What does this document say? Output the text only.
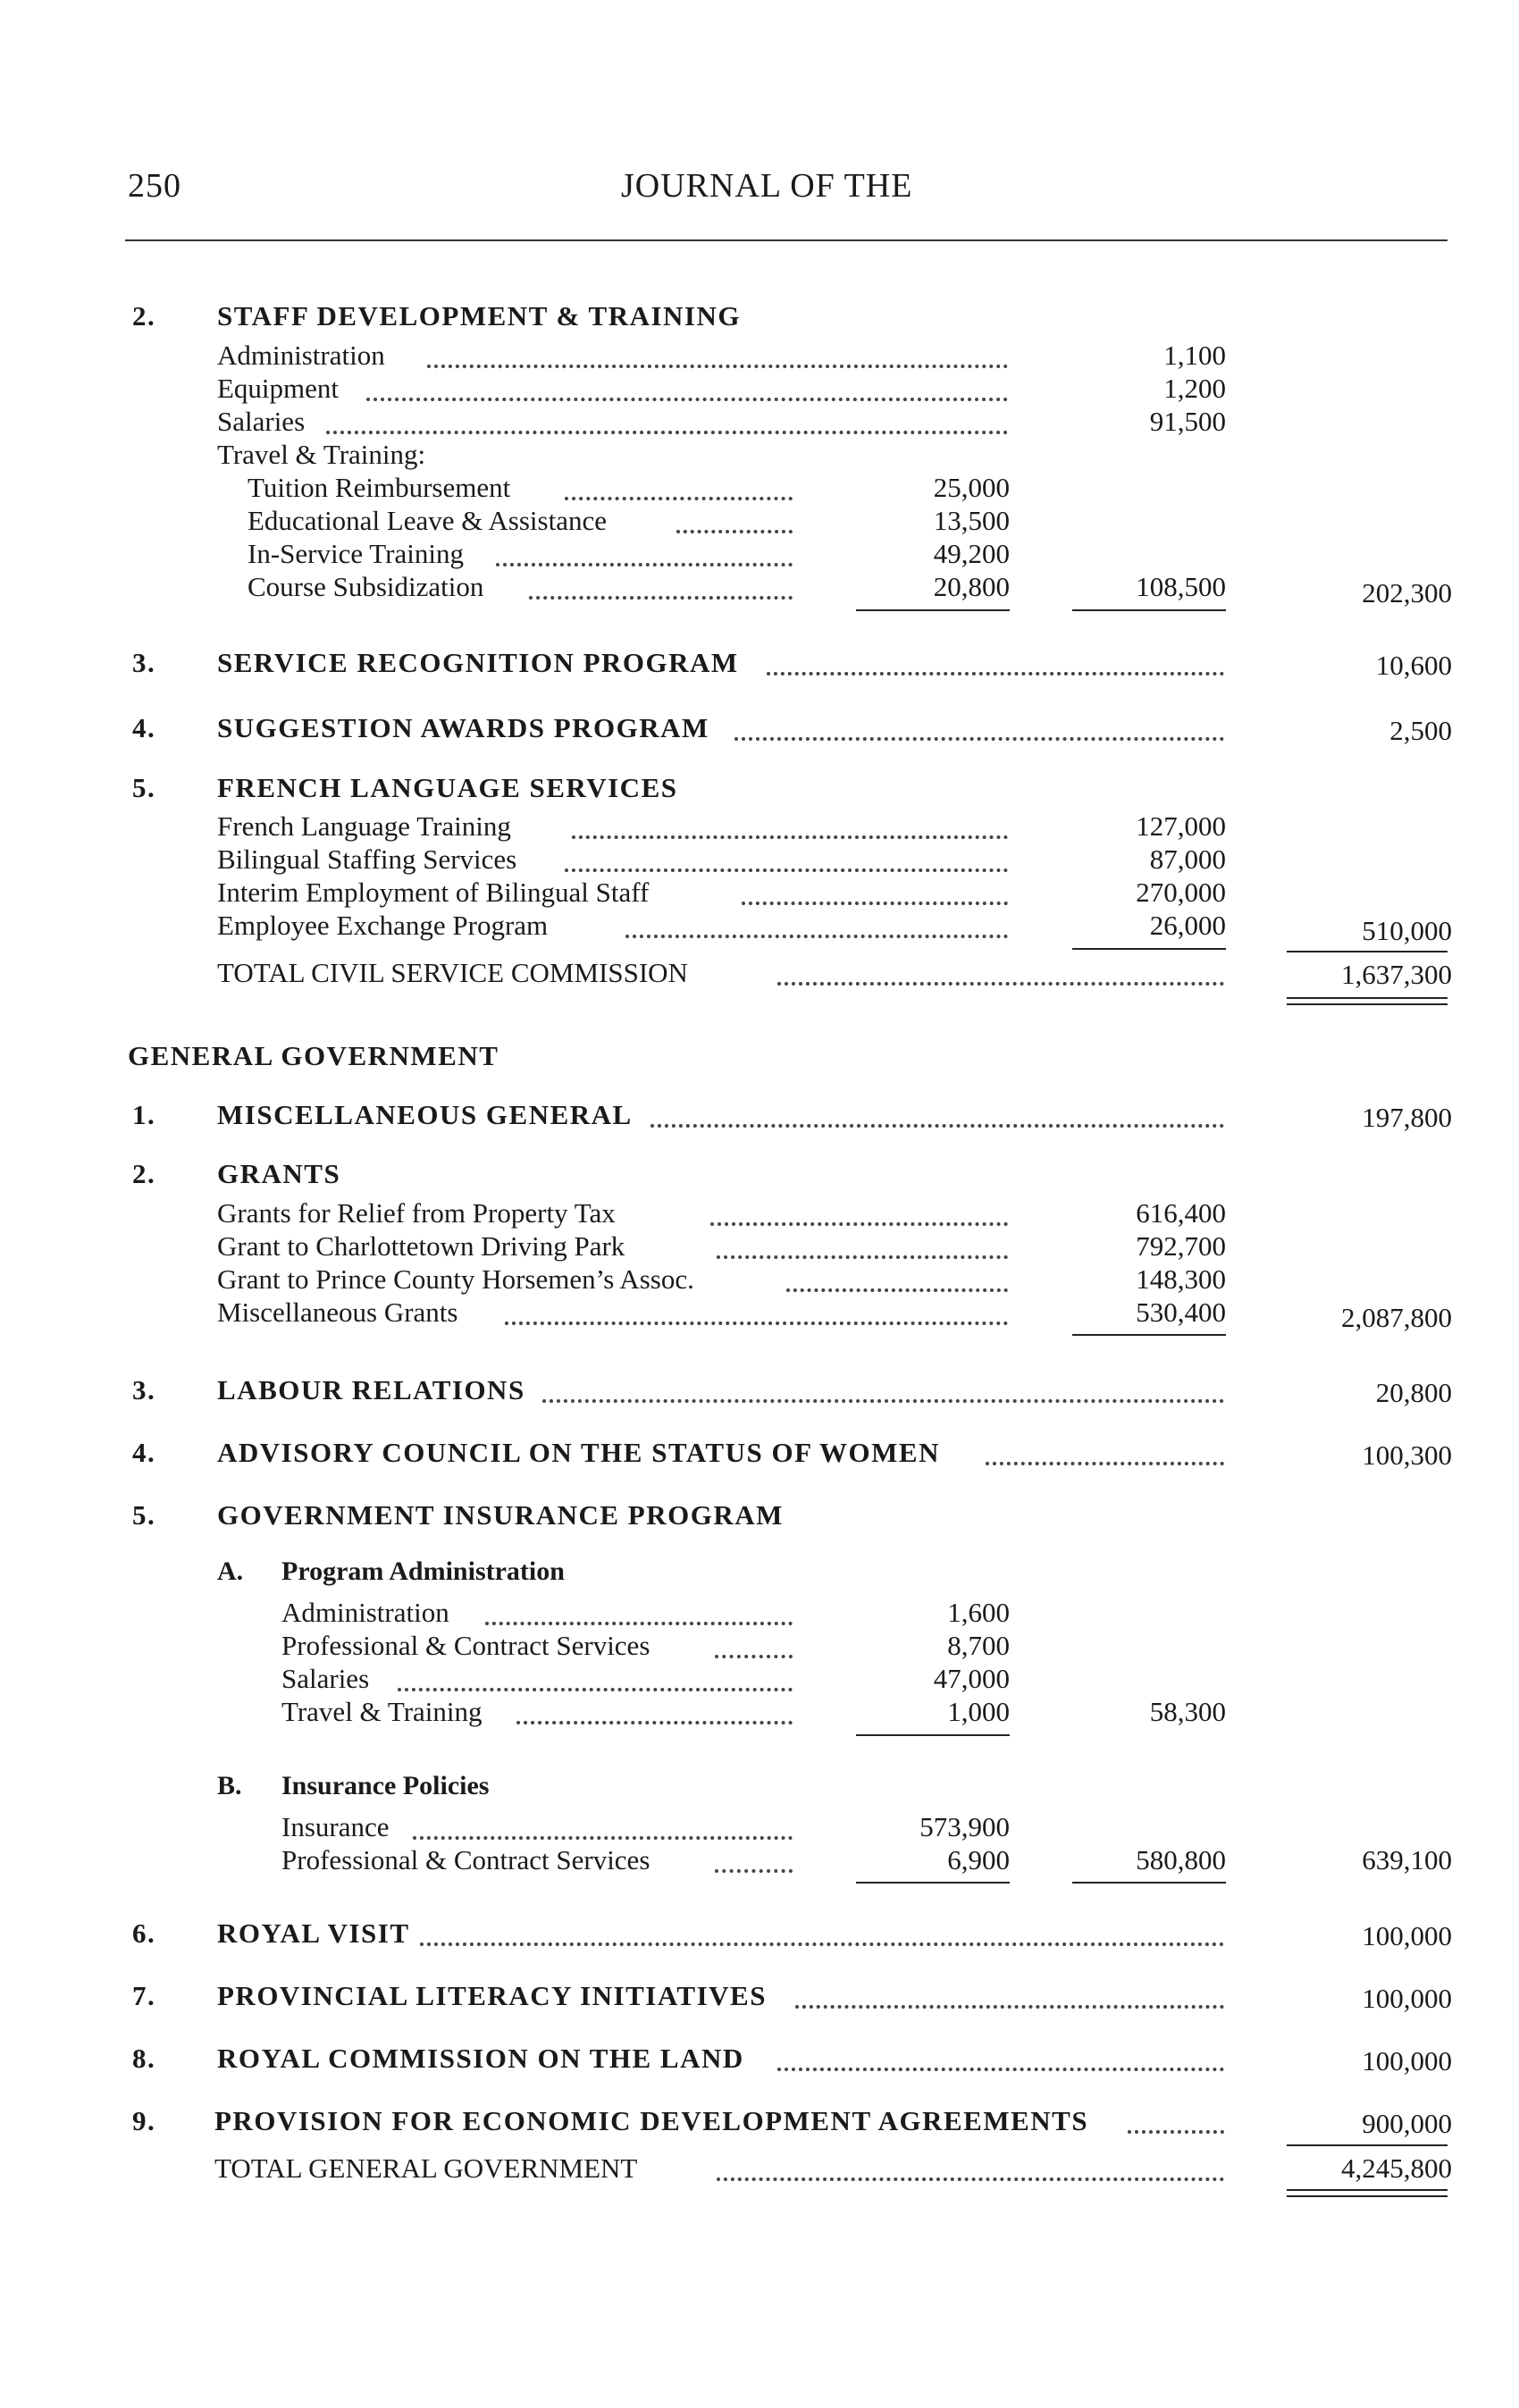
250	JOURNAL OF THE
2. STAFF DEVELOPMENT & TRAINING
Administration	1,100
Equipment	1,200
Salaries	91,500
Travel & Training:
Tuition Reimbursement	25,000
Educational Leave & Assistance	13,500
In-Service Training	49,200
Course Subsidization	20,800	108,500	202,300
3. SERVICE RECOGNITION PROGRAM	10,600
4. SUGGESTION AWARDS PROGRAM	2,500
5. FRENCH LANGUAGE SERVICES
French Language Training	127,000
Bilingual Staffing Services	87,000
Interim Employment of Bilingual Staff	270,000
Employee Exchange Program	26,000	510,000
TOTAL CIVIL SERVICE COMMISSION	1,637,300
GENERAL GOVERNMENT
1. MISCELLANEOUS GENERAL	197,800
2. GRANTS
Grants for Relief from Property Tax	616,400
Grant to Charlottetown Driving Park	792,700
Grant to Prince County Horsemen’s Assoc.	148,300
Miscellaneous Grants	530,400	2,087,800
3. LABOUR RELATIONS	20,800
4. ADVISORY COUNCIL ON THE STATUS OF WOMEN	100,300
5. GOVERNMENT INSURANCE PROGRAM
A. Program Administration
Administration	1,600
Professional & Contract Services	8,700
Salaries	47,000
Travel & Training	1,000	58,300
B. Insurance Policies
Insurance	573,900
Professional & Contract Services	6,900	580,800	639,100
6. ROYAL VISIT	100,000
7. PROVINCIAL LITERACY INITIATIVES	100,000
8. ROYAL COMMISSION ON THE LAND	100,000
9. PROVISION FOR ECONOMIC DEVELOPMENT AGREEMENTS	900,000
TOTAL GENERAL GOVERNMENT	4,245,800
